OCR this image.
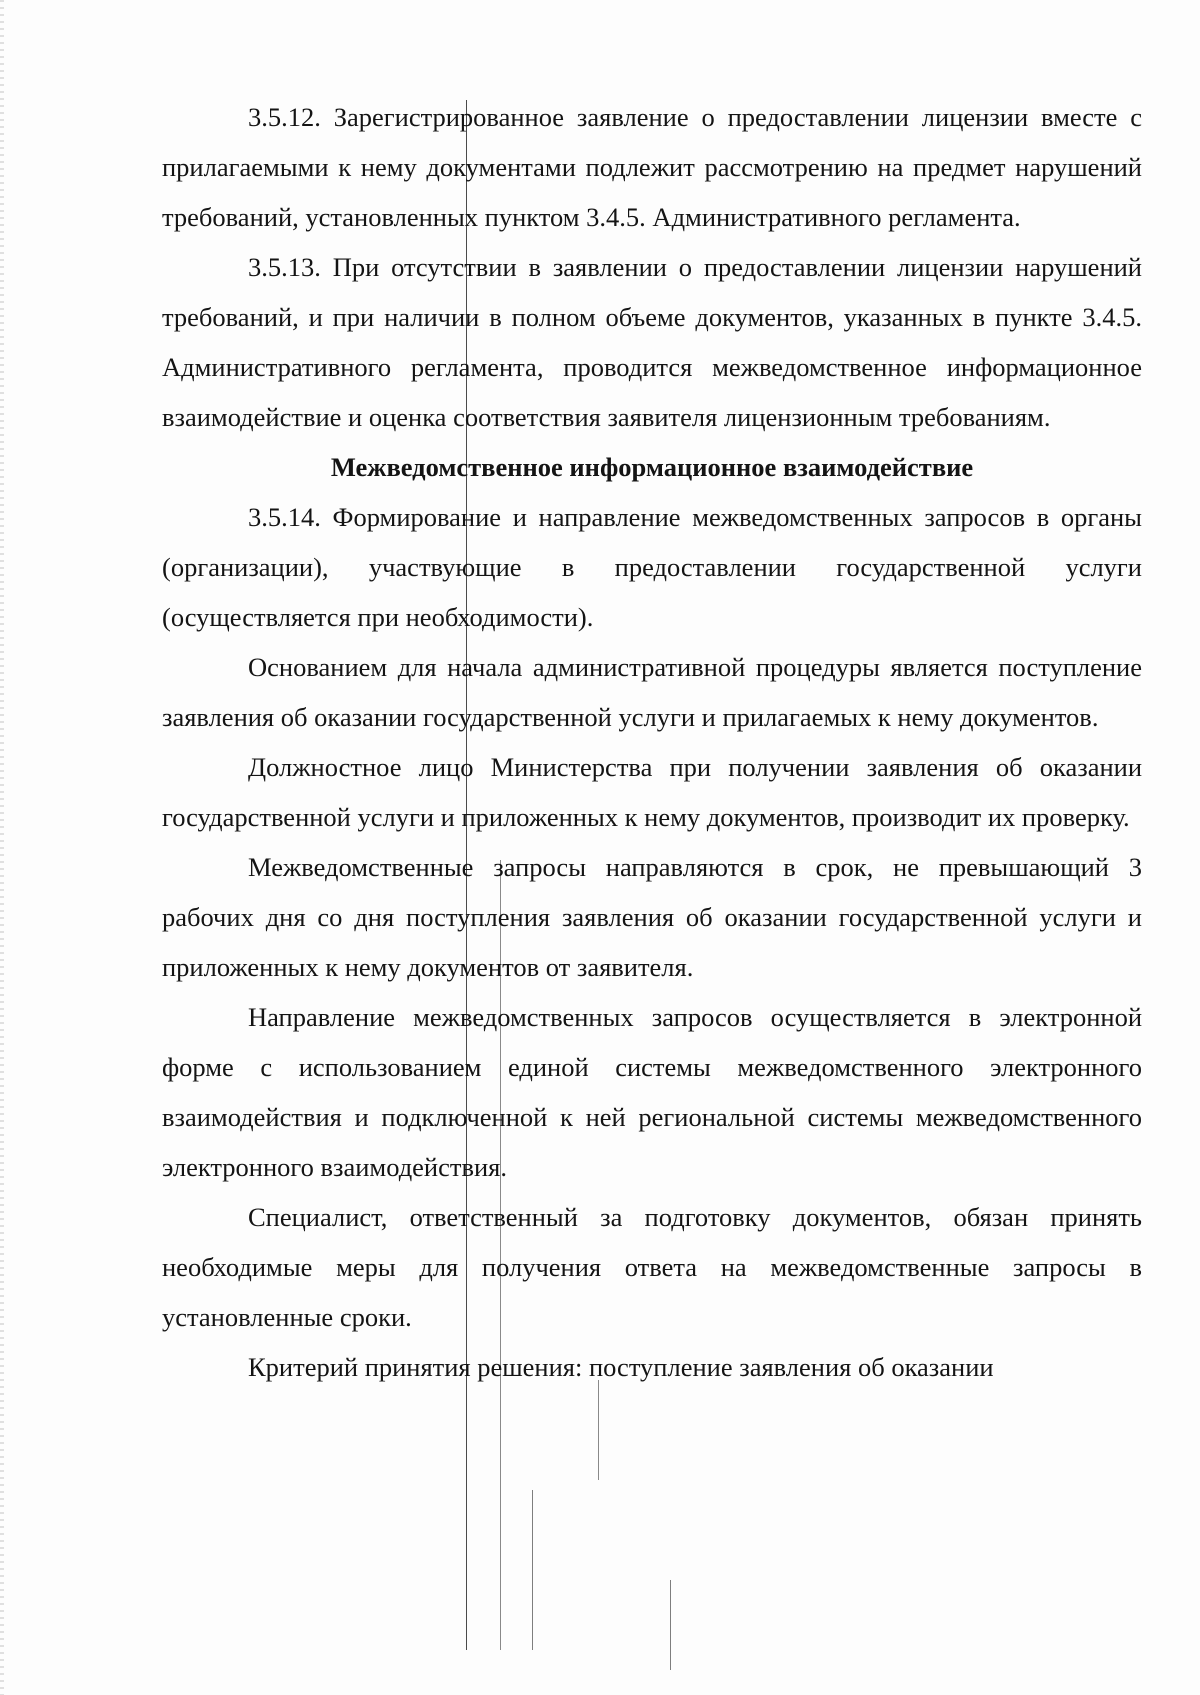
3.5.12. Зарегистрированное заявление о предоставлении лицензии вместе с прилагаемыми к нему документами подлежит рассмотрению на предмет нарушений требований, установленных пунктом 3.4.5. Административного регламента.

3.5.13. При отсутствии в заявлении о предоставлении лицензии нарушений требований, и при наличии в полном объеме документов, указанных в пункте 3.4.5. Административного регламента, проводится межведомственное информационное взаимодействие и оценка соответствия заявителя лицензионным требованиям.

Межведомственное информационное взаимодействие

3.5.14. Формирование и направление межведомственных запросов в органы (организации), участвующие в предоставлении государственной услуги (осуществляется при необходимости).

Основанием для начала административной процедуры является поступление заявления об оказании государственной услуги и прилагаемых к нему документов.

Должностное лицо Министерства при получении заявления об оказании государственной услуги и приложенных к нему документов, производит их проверку.

Межведомственные запросы направляются в срок, не превышающий 3 рабочих дня со дня поступления заявления об оказании государственной услуги и приложенных к нему документов от заявителя.

Направление межведомственных запросов осуществляется в электронной форме с использованием единой системы межведомственного электронного взаимодействия и подключенной к ней региональной системы межведомственного электронного взаимодействия.

Специалист, ответственный за подготовку документов, обязан принять необходимые меры для получения ответа на межведомственные запросы в установленные сроки.

Критерий принятия решения: поступление заявления об оказании
